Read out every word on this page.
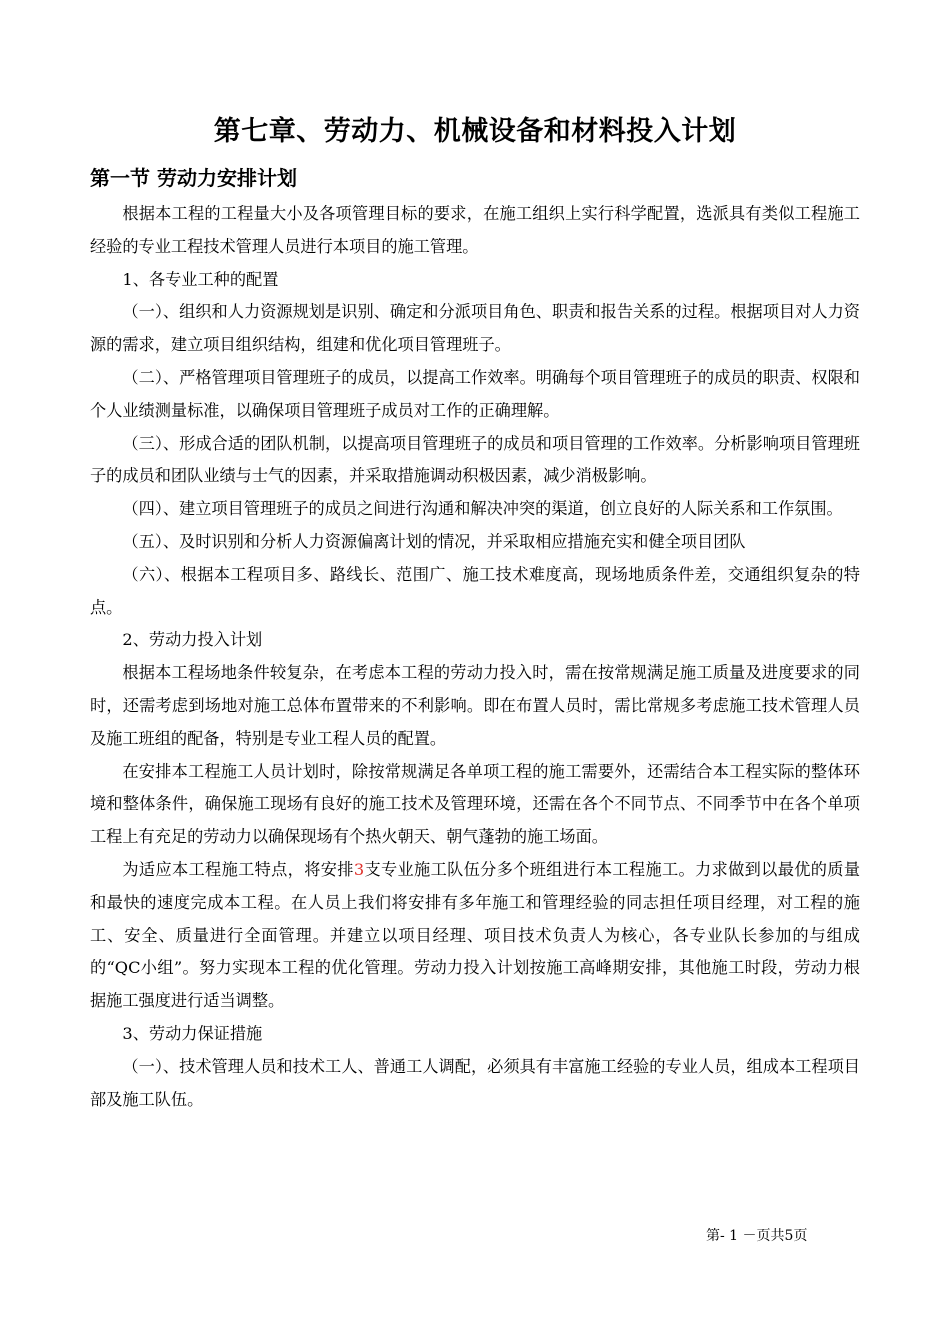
第七章、劳动力、机械设备和材料投入计划
第一节 劳动力安排计划

根据本工程的工程量大小及各项管理目标的要求，在施工组织上实行科学配置，选派具有类似工程施工经验的专业工程技术管理人员进行本项目的施工管理。

1、各专业工种的配置

（一）、组织和人力资源规划是识别、确定和分派项目角色、职责和报告关系的过程。根据项目对人力资源的需求，建立项目组织结构，组建和优化项目管理班子。

（二）、严格管理项目管理班子的成员，以提高工作效率。明确每个项目管理班子的成员的职责、权限和个人业绩测量标准，以确保项目管理班子成员对工作的正确理解。

（三）、形成合适的团队机制，以提高项目管理班子的成员和项目管理的工作效率。分析影响项目管理班子的成员和团队业绩与士气的因素，并采取措施调动积极因素，减少消极影响。

（四）、建立项目管理班子的成员之间进行沟通和解决冲突的渠道，创立良好的人际关系和工作氛围。

（五）、及时识别和分析人力资源偏离计划的情况，并采取相应措施充实和健全项目团队

（六）、根据本工程项目多、路线长、范围广、施工技术难度高，现场地质条件差，交通组织复杂的特点。

2、劳动力投入计划

根据本工程场地条件较复杂，在考虑本工程的劳动力投入时，需在按常规满足施工质量及进度要求的同时，还需考虑到场地对施工总体布置带来的不利影响。即在布置人员时，需比常规多考虑施工技术管理人员及施工班组的配备，特别是专业工程人员的配置。

在安排本工程施工人员计划时，除按常规满足各单项工程的施工需要外，还需结合本工程实际的整体环境和整体条件，确保施工现场有良好的施工技术及管理环境，还需在各个不同节点、不同季节中在各个单项工程上有充足的劳动力以确保现场有个热火朝天、朝气蓬勃的施工场面。

为适应本工程施工特点，将安排3支专业施工队伍分多个班组进行本工程施工。力求做到以最优的质量和最快的速度完成本工程。在人员上我们将安排有多年施工和管理经验的同志担任项目经理，对工程的施工、安全、质量进行全面管理。并建立以项目经理、项目技术负责人为核心，各专业队长参加的与组成的“QC小组”。努力实现本工程的优化管理。劳动力投入计划按施工高峰期安排，其他施工时段，劳动力根据施工强度进行适当调整。

3、劳动力保证措施

（一）、技术管理人员和技术工人、普通工人调配，必须具有丰富施工经验的专业人员，组成本工程项目部及施工队伍。

第- 1 －页共5页
